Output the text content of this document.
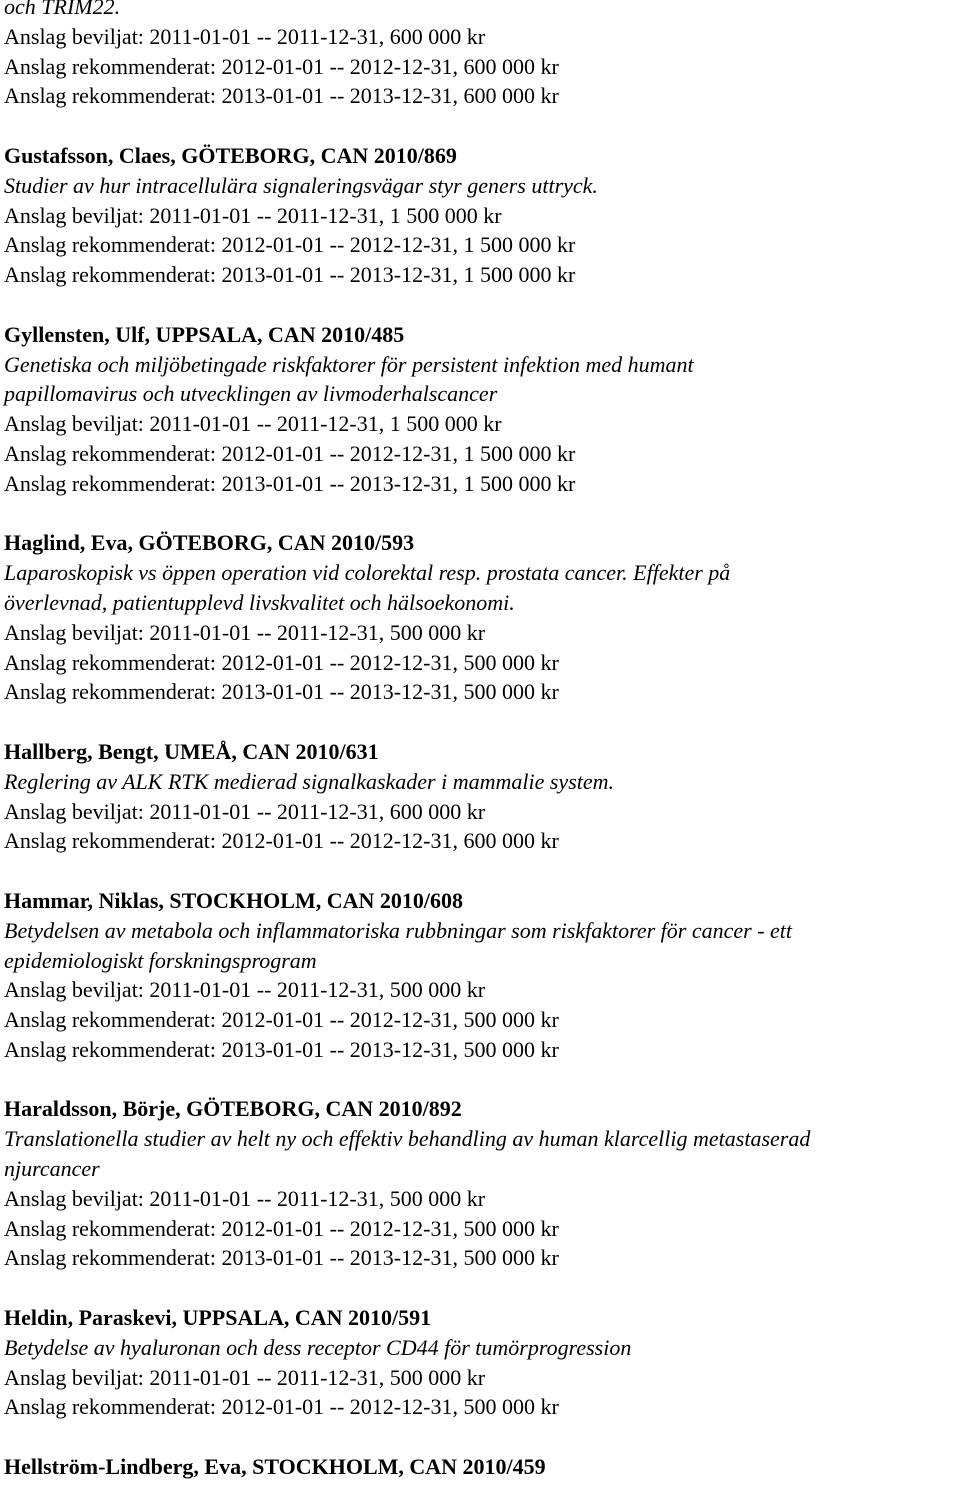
och TRIM22.
Anslag beviljat: 2011-01-01 -- 2011-12-31, 600 000 kr
Anslag rekommenderat: 2012-01-01 -- 2012-12-31, 600 000 kr
Anslag rekommenderat: 2013-01-01 -- 2013-12-31, 600 000 kr
Gustafsson, Claes, GÖTEBORG, CAN 2010/869
Studier av hur intracellulära signaleringsvägar styr geners uttryck.
Anslag beviljat: 2011-01-01 -- 2011-12-31, 1 500 000 kr
Anslag rekommenderat: 2012-01-01 -- 2012-12-31, 1 500 000 kr
Anslag rekommenderat: 2013-01-01 -- 2013-12-31, 1 500 000 kr
Gyllensten, Ulf, UPPSALA, CAN 2010/485
Genetiska och miljöbetingade riskfaktorer för persistent infektion med humant
papillomavirus och utvecklingen av livmoderhalscancer
Anslag beviljat: 2011-01-01 -- 2011-12-31, 1 500 000 kr
Anslag rekommenderat: 2012-01-01 -- 2012-12-31, 1 500 000 kr
Anslag rekommenderat: 2013-01-01 -- 2013-12-31, 1 500 000 kr
Haglind, Eva, GÖTEBORG, CAN 2010/593
Laparoskopisk vs öppen operation vid colorektal resp. prostata cancer. Effekter på
överlevnad, patientupplevd livskvalitet och hälsoekonomi.
Anslag beviljat: 2011-01-01 -- 2011-12-31, 500 000 kr
Anslag rekommenderat: 2012-01-01 -- 2012-12-31, 500 000 kr
Anslag rekommenderat: 2013-01-01 -- 2013-12-31, 500 000 kr
Hallberg, Bengt, UMEÅ, CAN 2010/631
Reglering av ALK RTK medierad signalkaskader i mammalie system.
Anslag beviljat: 2011-01-01 -- 2011-12-31, 600 000 kr
Anslag rekommenderat: 2012-01-01 -- 2012-12-31, 600 000 kr
Hammar, Niklas, STOCKHOLM, CAN 2010/608
Betydelsen av metabola och inflammatoriska rubbningar som riskfaktorer för cancer - ett
epidemiologiskt forskningsprogram
Anslag beviljat: 2011-01-01 -- 2011-12-31, 500 000 kr
Anslag rekommenderat: 2012-01-01 -- 2012-12-31, 500 000 kr
Anslag rekommenderat: 2013-01-01 -- 2013-12-31, 500 000 kr
Haraldsson, Börje, GÖTEBORG, CAN 2010/892
Translationella studier av helt ny och effektiv behandling av human klarcellig metastaserad
njurcancer
Anslag beviljat: 2011-01-01 -- 2011-12-31, 500 000 kr
Anslag rekommenderat: 2012-01-01 -- 2012-12-31, 500 000 kr
Anslag rekommenderat: 2013-01-01 -- 2013-12-31, 500 000 kr
Heldin, Paraskevi, UPPSALA, CAN 2010/591
Betydelse av hyaluronan och dess receptor CD44 för tumörprogression
Anslag beviljat: 2011-01-01 -- 2011-12-31, 500 000 kr
Anslag rekommenderat: 2012-01-01 -- 2012-12-31, 500 000 kr
Hellström-Lindberg, Eva, STOCKHOLM, CAN 2010/459
